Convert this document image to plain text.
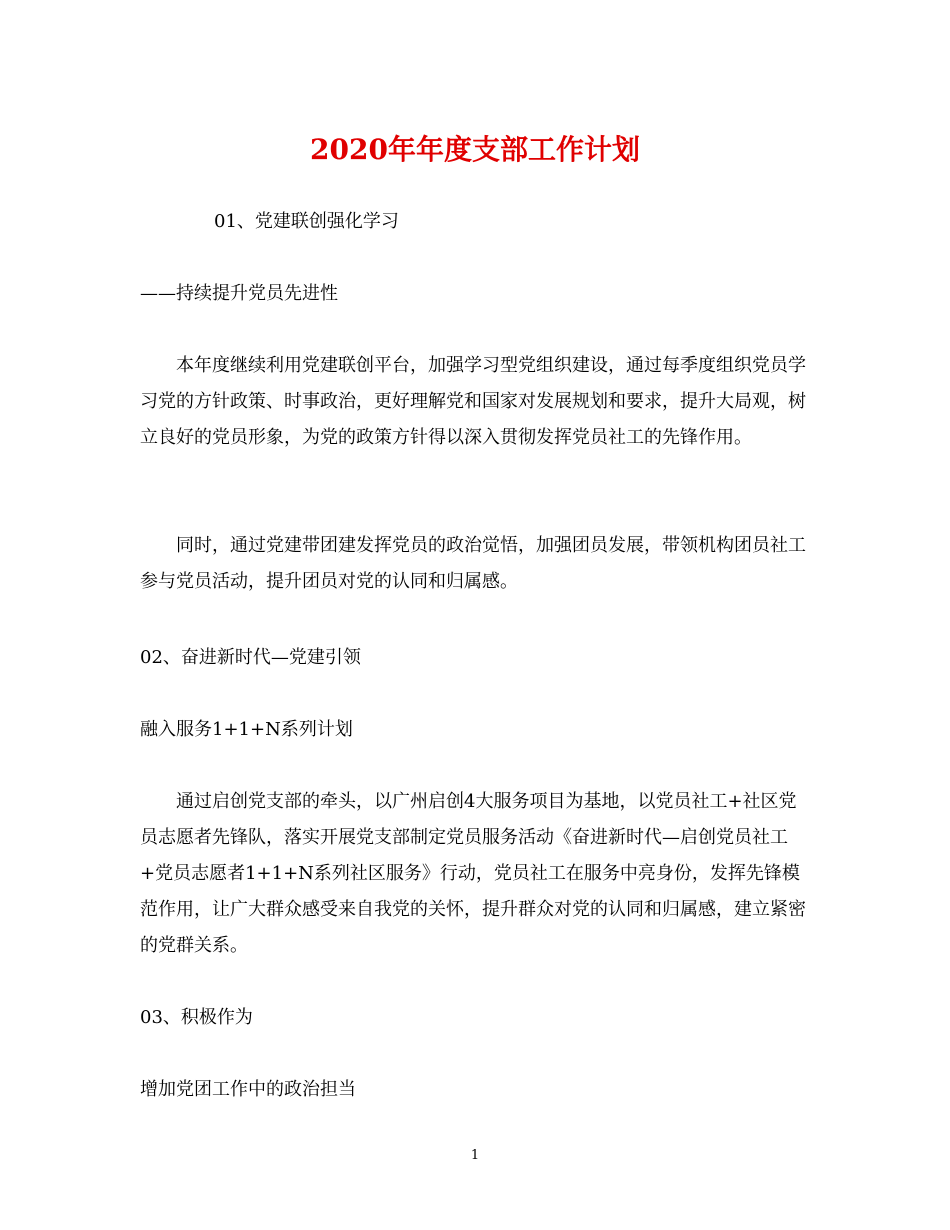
2020年年度支部工作计划
01、党建联创强化学习
——持续提升党员先进性
本年度继续利用党建联创平台，加强学习型党组织建设，通过每季度组织党员学习党的方针政策、时事政治，更好理解党和国家对发展规划和要求，提升大局观，树立良好的党员形象，为党的政策方针得以深入贯彻发挥党员社工的先锋作用。
同时，通过党建带团建发挥党员的政治觉悟，加强团员发展，带领机构团员社工参与党员活动，提升团员对党的认同和归属感。
02、奋进新时代—党建引领
融入服务1+1+N系列计划
通过启创党支部的牵头，以广州启创4大服务项目为基地，以党员社工+社区党员志愿者先锋队，落实开展党支部制定党员服务活动《奋进新时代—启创党员社工+党员志愿者1+1+N系列社区服务》行动，党员社工在服务中亮身份，发挥先锋模范作用，让广大群众感受来自我党的关怀，提升群众对党的认同和归属感，建立紧密的党群关系。
03、积极作为
增加党团工作中的政治担当
1
